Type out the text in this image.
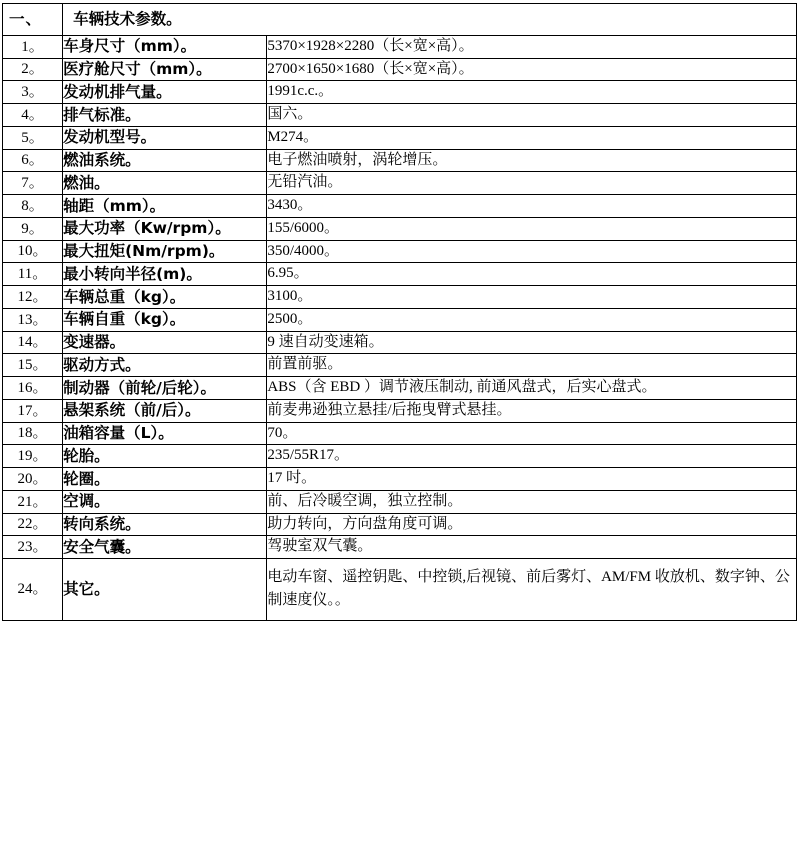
一、	车辆技术参数。	
1。	车身尺寸（mm）。	5370×1928×2280（长×宽×高）。
2。	医疗舱尺寸（mm）。	2700×1650×1680（长×宽×高）。
3。	发动机排气量。	1991c.c.。
4。	排气标准。	国六。
5。	发动机型号。	M274。
6。	燃油系统。	电子燃油喷射，涡轮增压。
7。	燃油。	无铅汽油。
8。	轴距（mm）。	3430。
9。	最大功率（Kw/rpm）。	155/6000。
10。	最大扭矩(Nm/rpm)。	350/4000。
11。	最小转向半径(m)。	6.95。
12。	车辆总重（kg）。	3100。
13。	车辆自重（kg）。	2500。
14。	变速器。	9 速自动变速箱。
15。	驱动方式。	前置前驱。
16。	制动器（前轮/后轮）。	ABS（含 EBD ）调节液压制动, 前通风盘式，后实心盘式。
17。	悬架系统（前/后）。	前麦弗逊独立悬挂/后拖曳臂式悬挂。
18。	油箱容量（L）。	70。
19。	轮胎。	235/55R17。
20。	轮圈。	17 吋。
21。	空调。	前、后冷暖空调，独立控制。
22。	转向系统。	助力转向，方向盘角度可调。
23。	安全气囊。	驾驶室双气囊。
24。	其它。	电动车窗、遥控钥匙、中控锁,后视镜、前后雾灯、AM/FM 收放机、数字钟、公制速度仪。。
